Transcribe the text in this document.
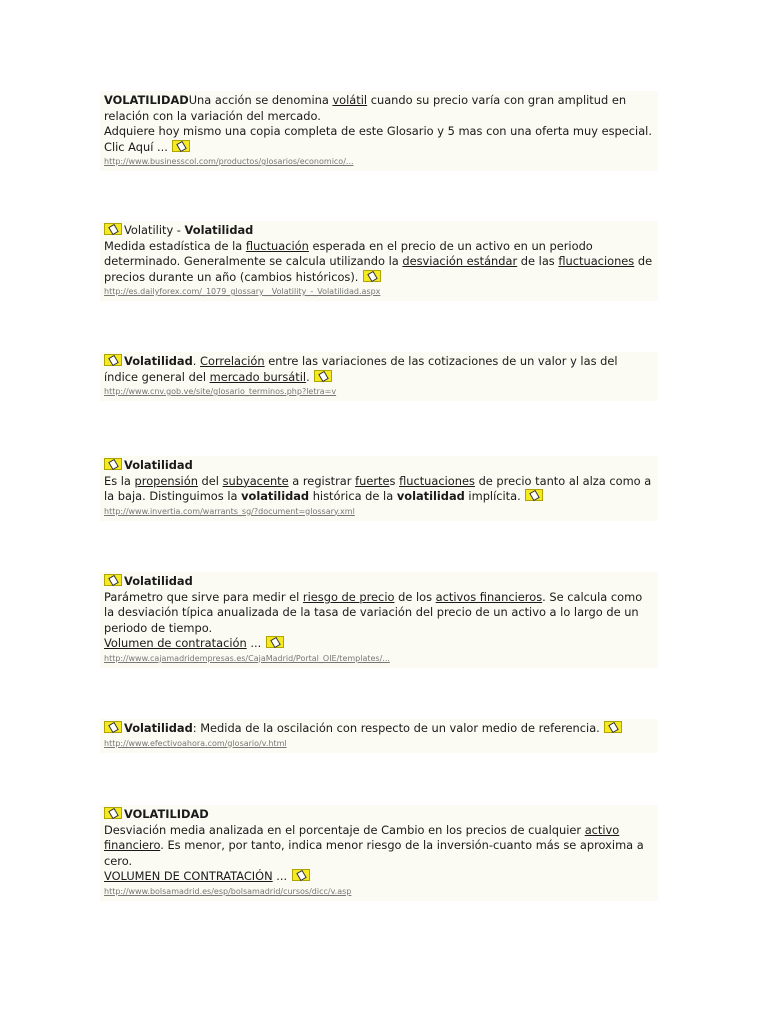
VOLATILIDADUna acción se denomina volátil cuando su precio varía con gran amplitud en relación con la variación del mercado.
Adquiere hoy mismo una copia completa de este Glosario y 5 mas con una oferta muy especial.
Clic Aquí ...

http://www.businesscol.com/productos/glosarios/economico/...

Volatility - Volatilidad
Medida estadística de la fluctuación esperada en el precio de un activo en un periodo determinado. Generalmente se calcula utilizando la desviación estándar de las fluctuaciones de precios durante un año (cambios históricos).

http://es.dailyforex.com/_1079_glossary__Volatility_-_Volatilidad.aspx

Volatilidad. Correlación entre las variaciones de las cotizaciones de un valor y las del índice general del mercado bursátil.

http://www.cnv.gob.ve/site/glosario_terminos.php?letra=v

Volatilidad
Es la propensión del subyacente a registrar fuertes fluctuaciones de precio tanto al alza como a la baja. Distinguimos la volatilidad histórica de la volatilidad implícita.

http://www.invertia.com/warrants_sg/?document=glossary.xml

Volatilidad
Parámetro que sirve para medir el riesgo de precio de los activos financieros. Se calcula como la desviación típica anualizada de la tasa de variación del precio de un activo a lo largo de un periodo de tiempo.
Volumen de contratación ...

http://www.cajamadridempresas.es/CajaMadrid/Portal_OIE/templates/...

Volatilidad: Medida de la oscilación con respecto de un valor medio de referencia.

http://www.efectivoahora.com/glosario/v.html

VOLATILIDAD
Desviación media analizada en el porcentaje de Cambio en los precios de cualquier activo financiero. Es menor, por tanto, indica menor riesgo de la inversión-cuanto más se aproxima a cero.
VOLUMEN DE CONTRATACIÓN ...

http://www.bolsamadrid.es/esp/bolsamadrid/cursos/dicc/v.asp
